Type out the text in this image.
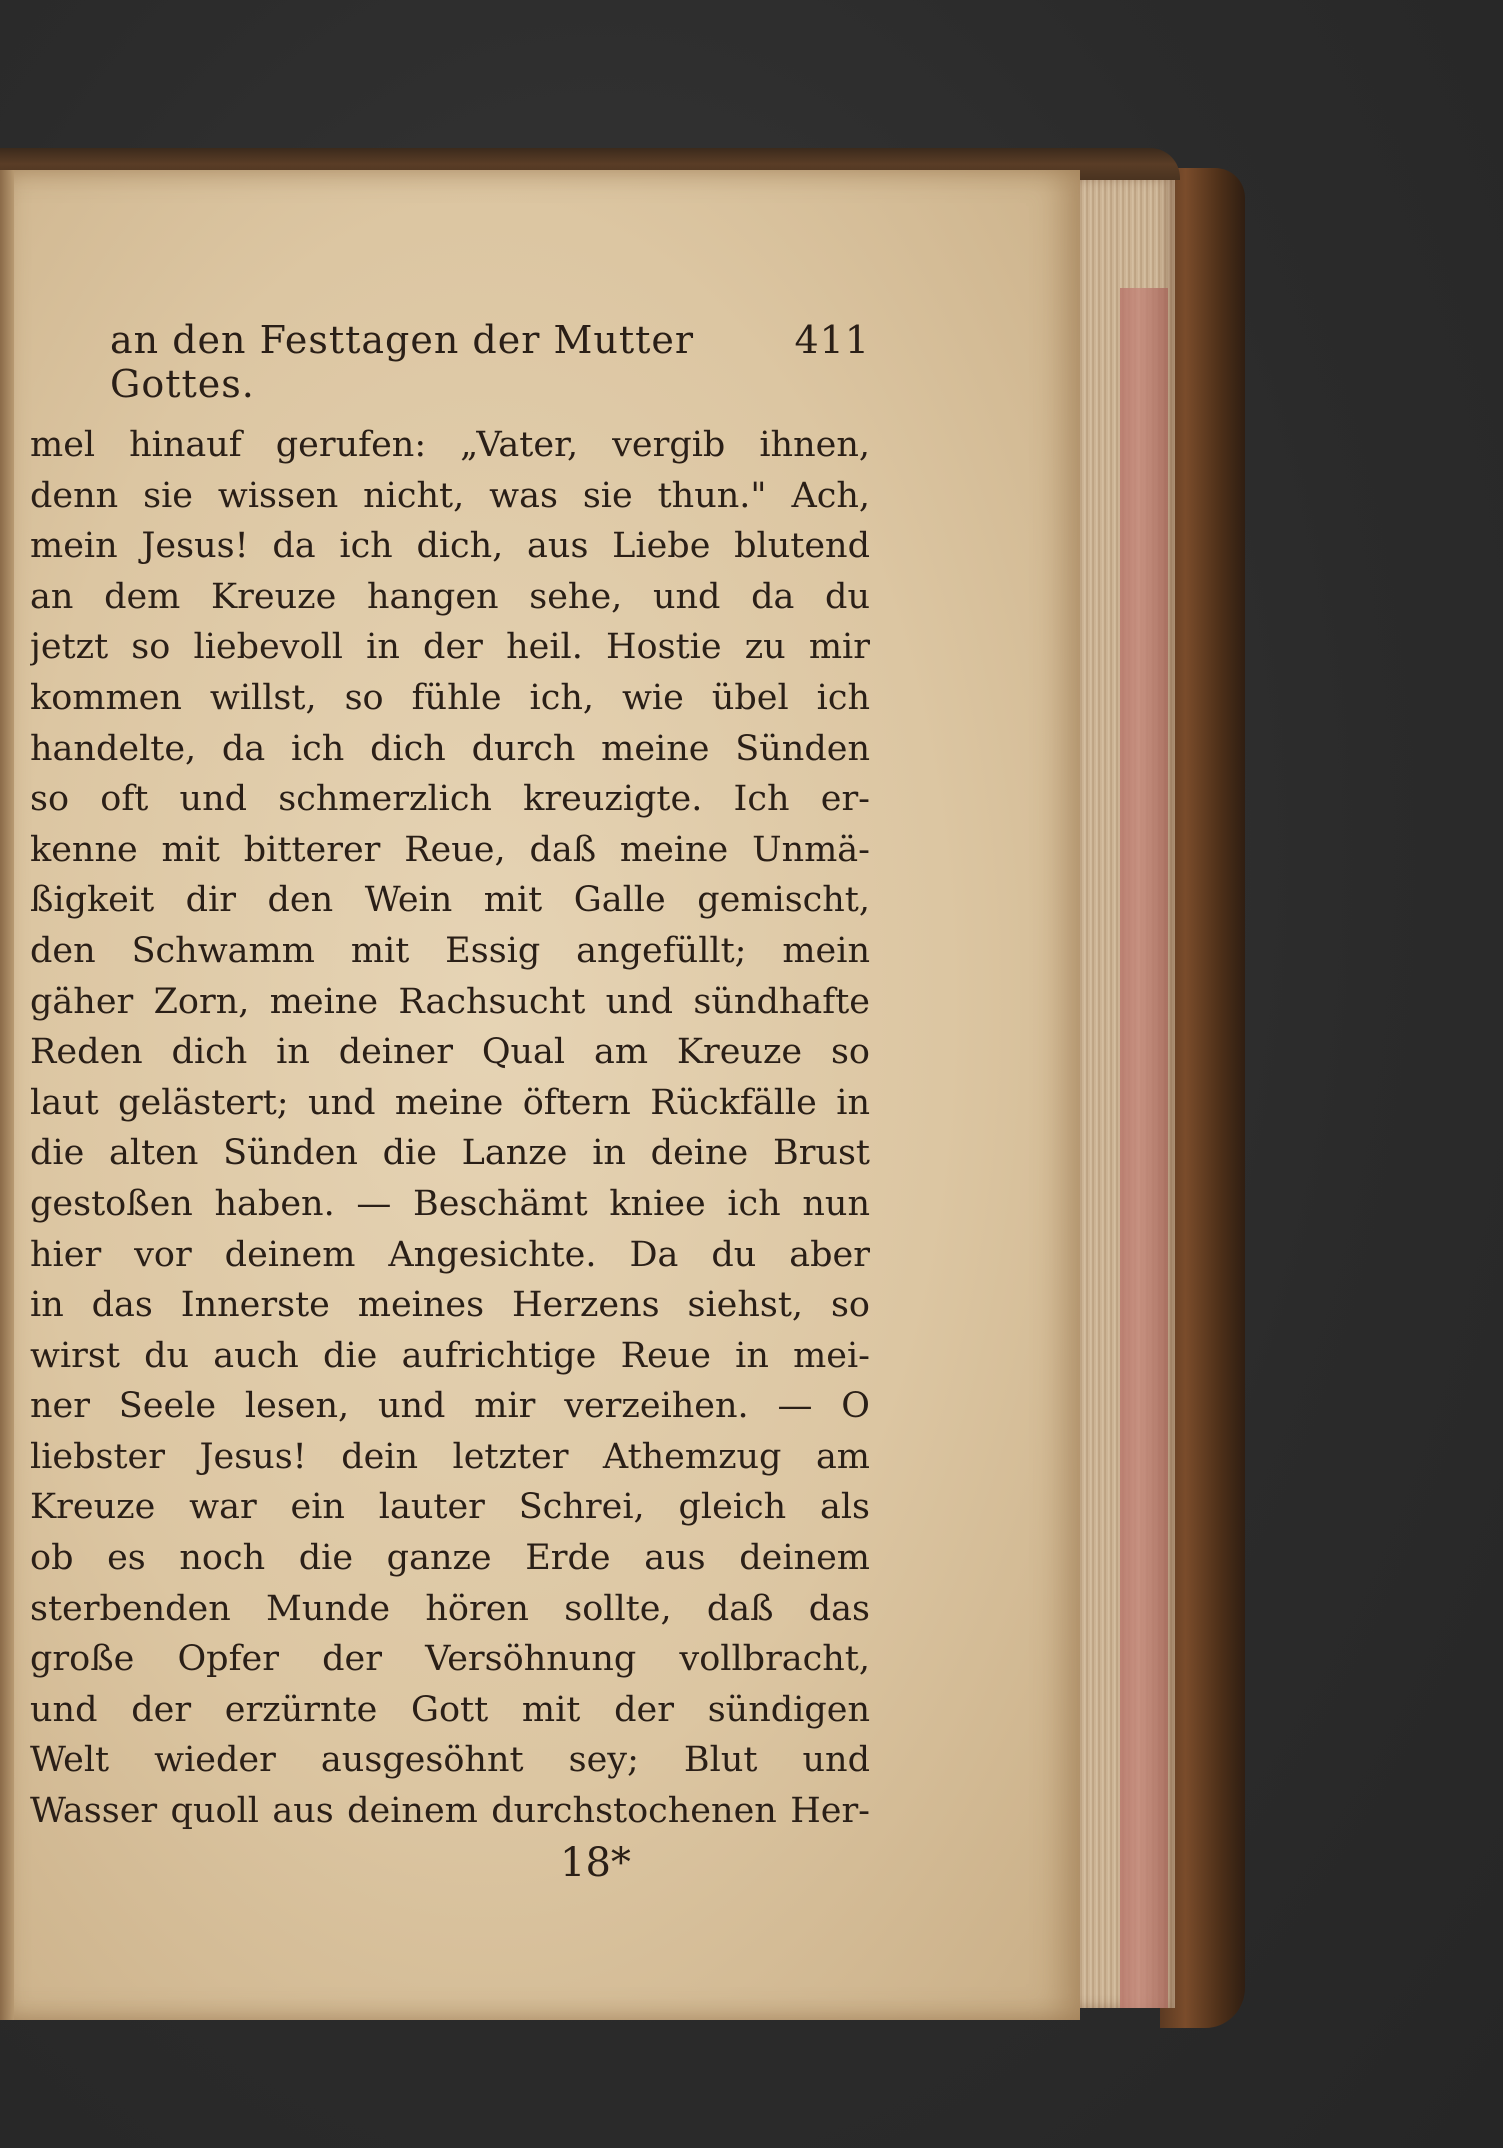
an den Festtagen der Mutter Gottes.
411
mel hinauf gerufen: „Vater, vergib ihnen,
denn sie wissen nicht, was sie thun." Ach,
mein Jesus! da ich dich, aus Liebe blutend
an dem Kreuze hangen sehe, und da du
jetzt so liebevoll in der heil. Hostie zu mir
kommen willst, so fühle ich, wie übel ich
handelte, da ich dich durch meine Sünden
so oft und schmerzlich kreuzigte. Ich er-
kenne mit bitterer Reue, daß meine Unmä-
ßigkeit dir den Wein mit Galle gemischt,
den Schwamm mit Essig angefüllt; mein
gäher Zorn, meine Rachsucht und sündhafte
Reden dich in deiner Qual am Kreuze so
laut gelästert; und meine öftern Rückfälle in
die alten Sünden die Lanze in deine Brust
gestoßen haben. — Beschämt kniee ich nun
hier vor deinem Angesichte. Da du aber
in das Innerste meines Herzens siehst, so
wirst du auch die aufrichtige Reue in mei-
ner Seele lesen, und mir verzeihen. — O
liebster Jesus! dein letzter Athemzug am
Kreuze war ein lauter Schrei, gleich als
ob es noch die ganze Erde aus deinem
sterbenden Munde hören sollte, daß das
große Opfer der Versöhnung vollbracht,
und der erzürnte Gott mit der sündigen
Welt wieder ausgesöhnt sey; Blut und
Wasser quoll aus deinem durchstochenen Her-
18*
